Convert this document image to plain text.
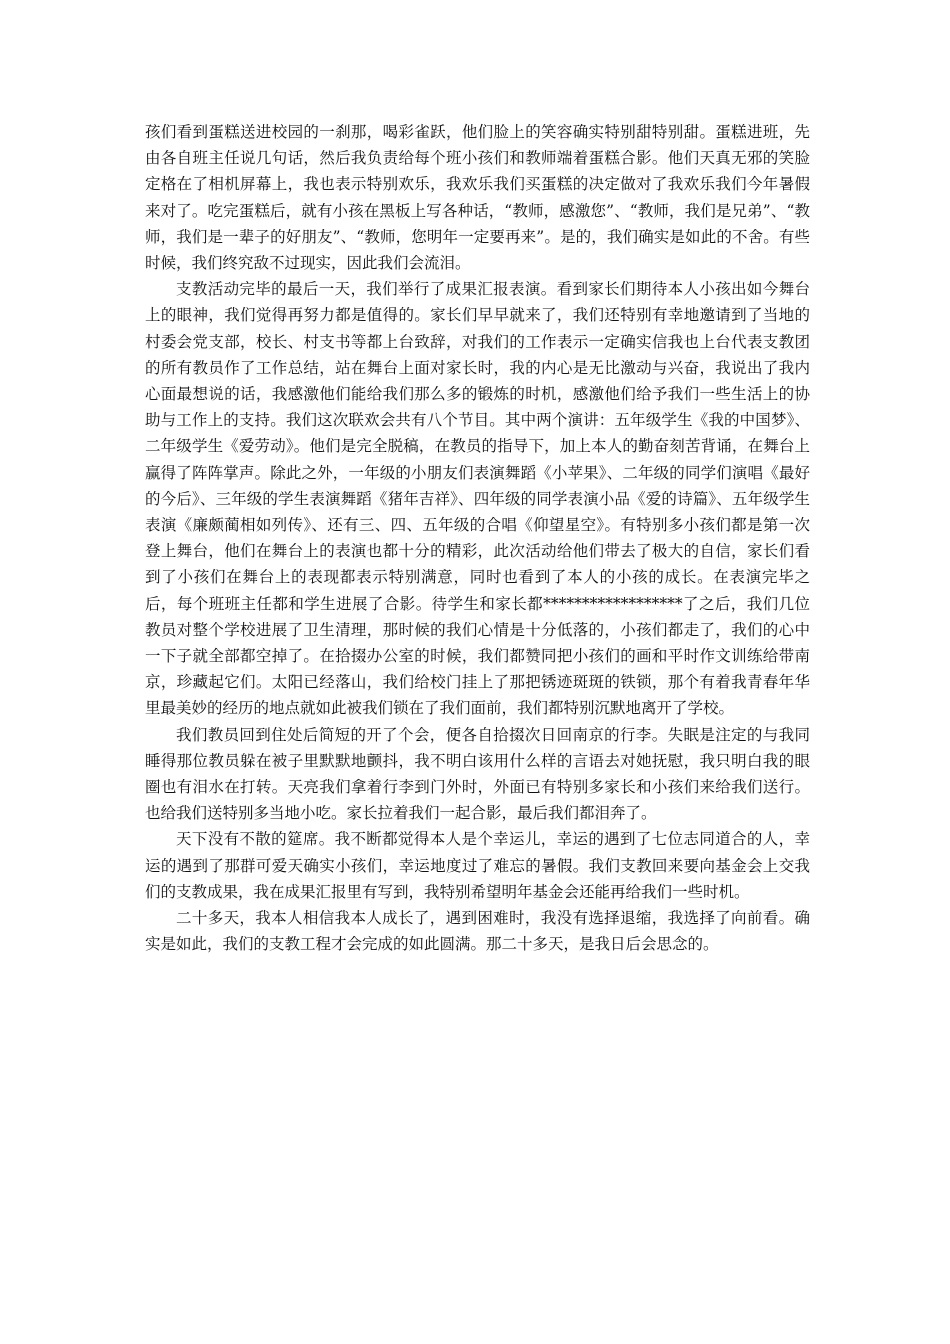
孩们看到蛋糕送进校园的一刹那，喝彩雀跃，他们脸上的笑容确实特别甜特别甜。蛋糕进班，先由各自班主任说几句话，然后我负责给每个班小孩们和教师端着蛋糕合影。他们天真无邪的笑脸定格在了相机屏幕上，我也表示特别欢乐，我欢乐我们买蛋糕的决定做对了我欢乐我们今年暑假来对了。吃完蛋糕后，就有小孩在黑板上写各种话，“教师，感激您”、“教师，我们是兄弟”、“教师，我们是一辈子的好朋友”、“教师，您明年一定要再来”。是的，我们确实是如此的不舍。有些时候，我们终究敌不过现实，因此我们会流泪。

支教活动完毕的最后一天，我们举行了成果汇报表演。看到家长们期待本人小孩出如今舞台上的眼神，我们觉得再努力都是值得的。家长们早早就来了，我们还特别有幸地邀请到了当地的村委会党支部，校长、村支书等都上台致辞，对我们的工作表示一定确实信我也上台代表支教团的所有教员作了工作总结，站在舞台上面对家长时，我的内心是无比激动与兴奋，我说出了我内心面最想说的话，我感激他们能给我们那么多的锻炼的时机，感激他们给予我们一些生活上的协助与工作上的支持。我们这次联欢会共有八个节目。其中两个演讲：五年级学生《我的中国梦》、二年级学生《爱劳动》。他们是完全脱稿，在教员的指导下，加上本人的勤奋刻苦背诵，在舞台上赢得了阵阵掌声。除此之外，一年级的小朋友们表演舞蹈《小苹果》、二年级的同学们演唱《最好的今后》、三年级的学生表演舞蹈《猪年吉祥》、四年级的同学表演小品《爱的诗篇》、五年级学生表演《廉颇蔺相如列传》、还有三、四、五年级的合唱《仰望星空》。有特别多小孩们都是第一次登上舞台，他们在舞台上的表演也都十分的精彩，此次活动给他们带去了极大的自信，家长们看到了小孩们在舞台上的表现都表示特别满意，同时也看到了本人的小孩的成长。在表演完毕之后，每个班班主任都和学生进展了合影。待学生和家长都******************了之后，我们几位教员对整个学校进展了卫生清理，那时候的我们心情是十分低落的，小孩们都走了，我们的心中一下子就全部都空掉了。在拾掇办公室的时候，我们都赞同把小孩们的画和平时作文训练给带南京，珍藏起它们。太阳已经落山，我们给校门挂上了那把锈迹斑斑的铁锁，那个有着我青春年华里最美妙的经历的地点就如此被我们锁在了我们面前，我们都特别沉默地离开了学校。

我们教员回到住处后简短的开了个会，便各自拾掇次日回南京的行李。失眠是注定的与我同睡得那位教员躲在被子里默默地颤抖，我不明白该用什么样的言语去对她抚慰，我只明白我的眼圈也有泪水在打转。天亮我们拿着行李到门外时，外面已有特别多家长和小孩们来给我们送行。也给我们送特别多当地小吃。家长拉着我们一起合影，最后我们都泪奔了。

天下没有不散的筵席。我不断都觉得本人是个幸运儿，幸运的遇到了七位志同道合的人，幸运的遇到了那群可爱天确实小孩们，幸运地度过了难忘的暑假。我们支教回来要向基金会上交我们的支教成果，我在成果汇报里有写到，我特别希望明年基金会还能再给我们一些时机。

二十多天，我本人相信我本人成长了，遇到困难时，我没有选择退缩，我选择了向前看。确实是如此，我们的支教工程才会完成的如此圆满。那二十多天，是我日后会思念的。
